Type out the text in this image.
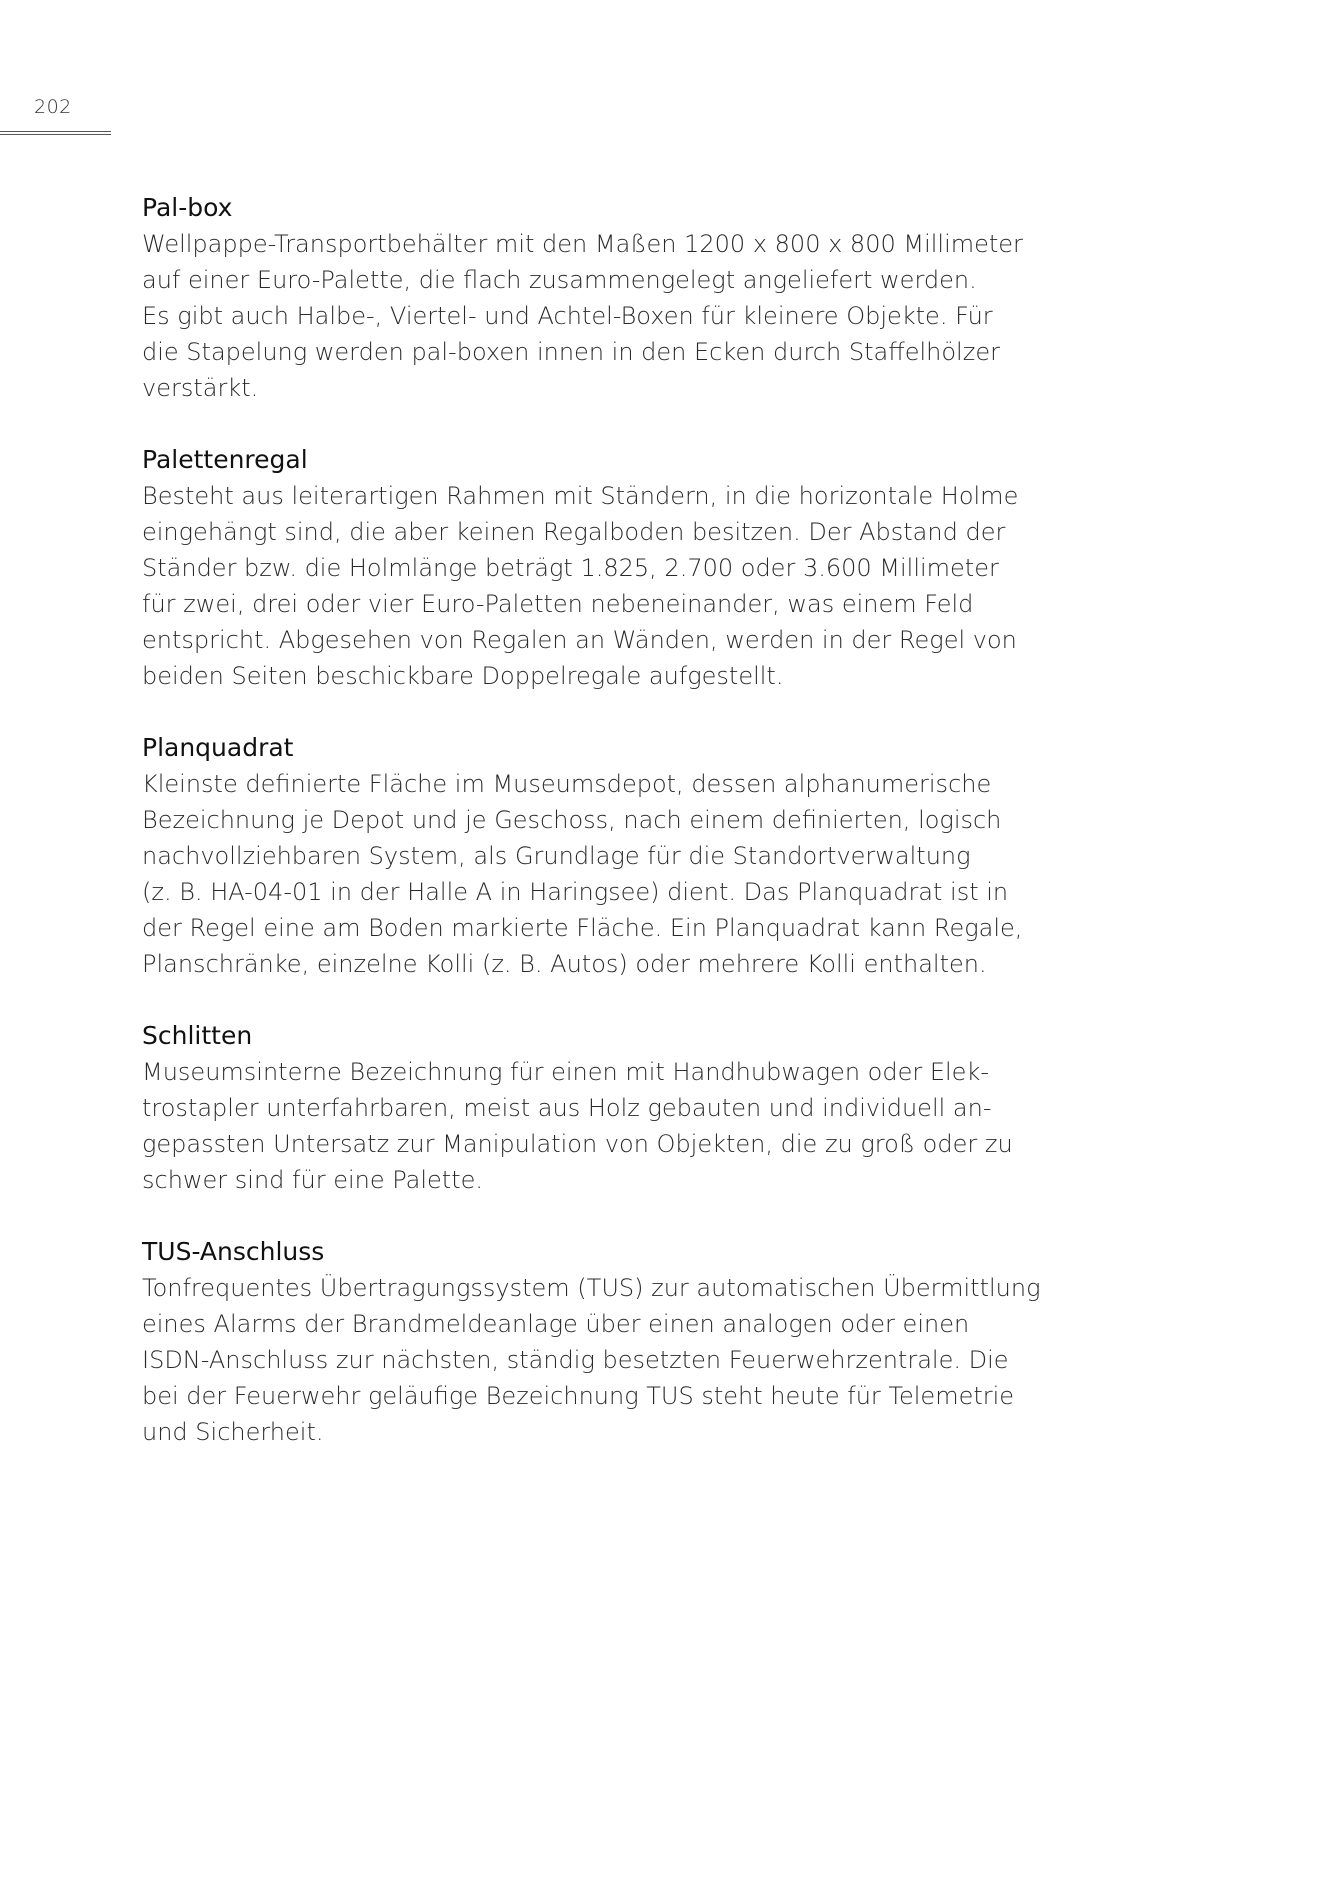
202
Pal-box
Wellpappe-Transportbehälter mit den Maßen 1200 x 800 x 800 Millimeter
auf einer Euro-Palette, die flach zusammengelegt angeliefert werden.
Es gibt auch Halbe-, Viertel- und Achtel-Boxen für kleinere Objekte. Für
die Stapelung werden pal-boxen innen in den Ecken durch Staffelhölzer
verstärkt.
Palettenregal
Besteht aus leiterartigen Rahmen mit Ständern, in die horizontale Holme
eingehängt sind, die aber keinen Regalboden besitzen. Der Abstand der
Ständer bzw. die Holmlänge beträgt 1.825, 2.700 oder 3.600 Millimeter
für zwei, drei oder vier Euro-Paletten nebeneinander, was einem Feld
entspricht. Abgesehen von Regalen an Wänden, werden in der Regel von
beiden Seiten beschickbare Doppelregale aufgestellt.
Planquadrat
Kleinste definierte Fläche im Museumsdepot, dessen alphanumerische
Bezeichnung je Depot und je Geschoss, nach einem definierten, logisch
nachvollziehbaren System, als Grundlage für die Standortverwaltung
(z. B. HA-04-01 in der Halle A in Haringsee) dient. Das Planquadrat ist in
der Regel eine am Boden markierte Fläche. Ein Planquadrat kann Regale,
Planschränke, einzelne Kolli (z. B. Autos) oder mehrere Kolli enthalten.
Schlitten
Museumsinterne Bezeichnung für einen mit Handhubwagen oder Elek-
trostapler unterfahrbaren, meist aus Holz gebauten und individuell an-
gepassten Untersatz zur Manipulation von Objekten, die zu groß oder zu
schwer sind für eine Palette.
TUS-Anschluss
Tonfrequentes Übertragungssystem (TUS) zur automatischen Übermittlung
eines Alarms der Brandmeldeanlage über einen analogen oder einen
ISDN-Anschluss zur nächsten, ständig besetzten Feuerwehrzentrale. Die
bei der Feuerwehr geläufige Bezeichnung TUS steht heute für Telemetrie
und Sicherheit.
